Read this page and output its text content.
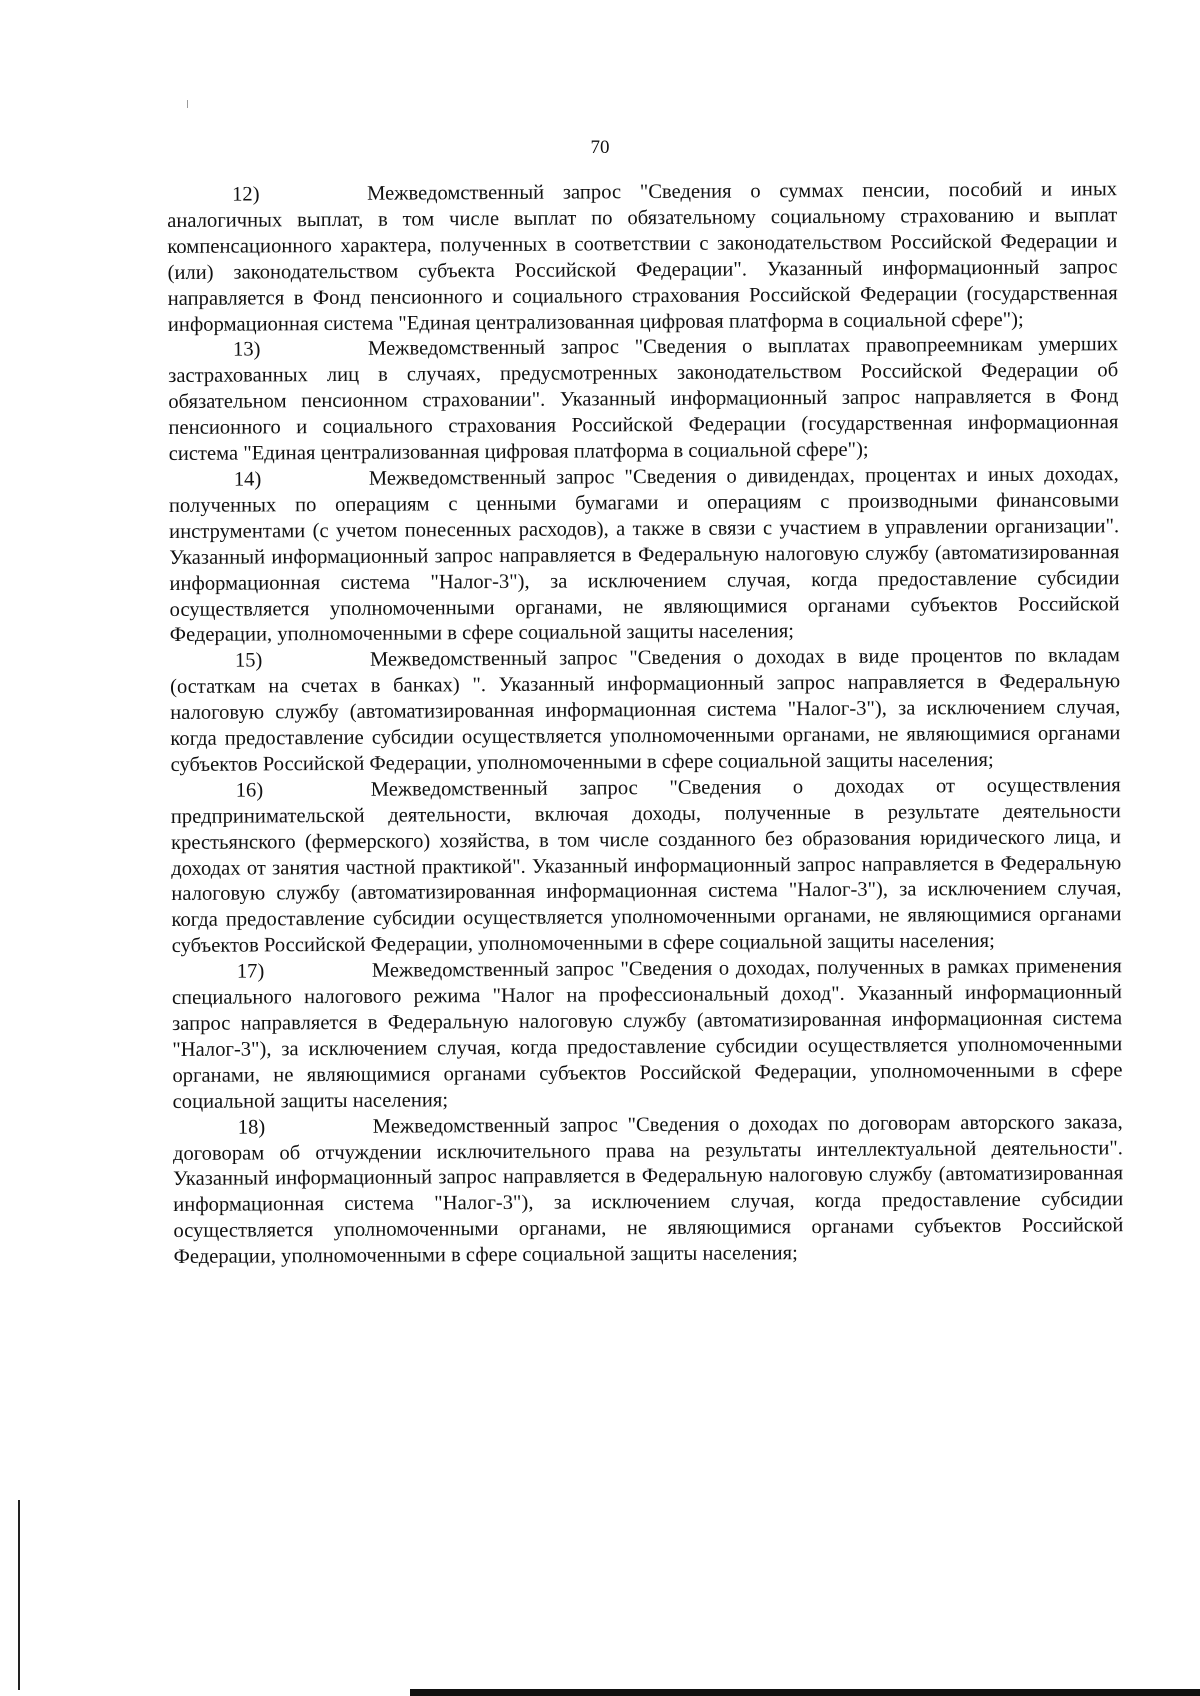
70

12)	Межведомственный запрос "Сведения о суммах пенсии, пособий и иных аналогичных выплат, в том числе выплат по обязательному социальному страхованию и выплат компенсационного характера, полученных в соответствии с законодательством Российской Федерации и (или) законодательством субъекта Российской Федерации". Указанный информационный запрос направляется в Фонд пенсионного и социального страхования Российской Федерации (государственная информационная система "Единая централизованная цифровая платформа в социальной сфере");

13)	Межведомственный запрос "Сведения о выплатах правопреемникам умерших застрахованных лиц в случаях, предусмотренных законодательством Российской Федерации об обязательном пенсионном страховании". Указанный информационный запрос направляется в Фонд пенсионного и социального страхования Российской Федерации (государственная информационная система "Единая централизованная цифровая платформа в социальной сфере");

14)	Межведомственный запрос "Сведения о дивидендах, процентах и иных доходах, полученных по операциям с ценными бумагами и операциям с производными финансовыми инструментами (с учетом понесенных расходов), а также в связи с участием в управлении организации". Указанный информационный запрос направляется в Федеральную налоговую службу (автоматизированная информационная система "Налог-3"), за исключением случая, когда предоставление субсидии осуществляется уполномоченными органами, не являющимися органами субъектов Российской Федерации, уполномоченными в сфере социальной защиты населения;

15)	Межведомственный запрос "Сведения о доходах в виде процентов по вкладам (остаткам на счетах в банках) ". Указанный информационный запрос направляется в Федеральную налоговую службу (автоматизированная информационная система "Налог-3"), за исключением случая, когда предоставление субсидии осуществляется уполномоченными органами, не являющимися органами субъектов Российской Федерации, уполномоченными в сфере социальной защиты населения;

16)	Межведомственный запрос "Сведения о доходах от осуществления предпринимательской деятельности, включая доходы, полученные в результате деятельности крестьянского (фермерского) хозяйства, в том числе созданного без образования юридического лица, и доходах от занятия частной практикой". Указанный информационный запрос направляется в Федеральную налоговую службу (автоматизированная информационная система "Налог-3"), за исключением случая, когда предоставление субсидии осуществляется уполномоченными органами, не являющимися органами субъектов Российской Федерации, уполномоченными в сфере социальной защиты населения;

17)	Межведомственный запрос "Сведения о доходах, полученных в рамках применения специального налогового режима "Налог на профессиональный доход". Указанный информационный запрос направляется в Федеральную налоговую службу (автоматизированная информационная система "Налог-3"), за исключением случая, когда предоставление субсидии осуществляется уполномоченными органами, не являющимися органами субъектов Российской Федерации, уполномоченными в сфере социальной защиты населения;

18)	Межведомственный запрос "Сведения о доходах по договорам авторского заказа, договорам об отчуждении исключительного права на результаты интеллектуальной деятельности". Указанный информационный запрос направляется в Федеральную налоговую службу (автоматизированная информационная система "Налог-3"), за исключением случая, когда предоставление субсидии осуществляется уполномоченными органами, не являющимися органами субъектов Российской Федерации, уполномоченными в сфере социальной защиты населения;
